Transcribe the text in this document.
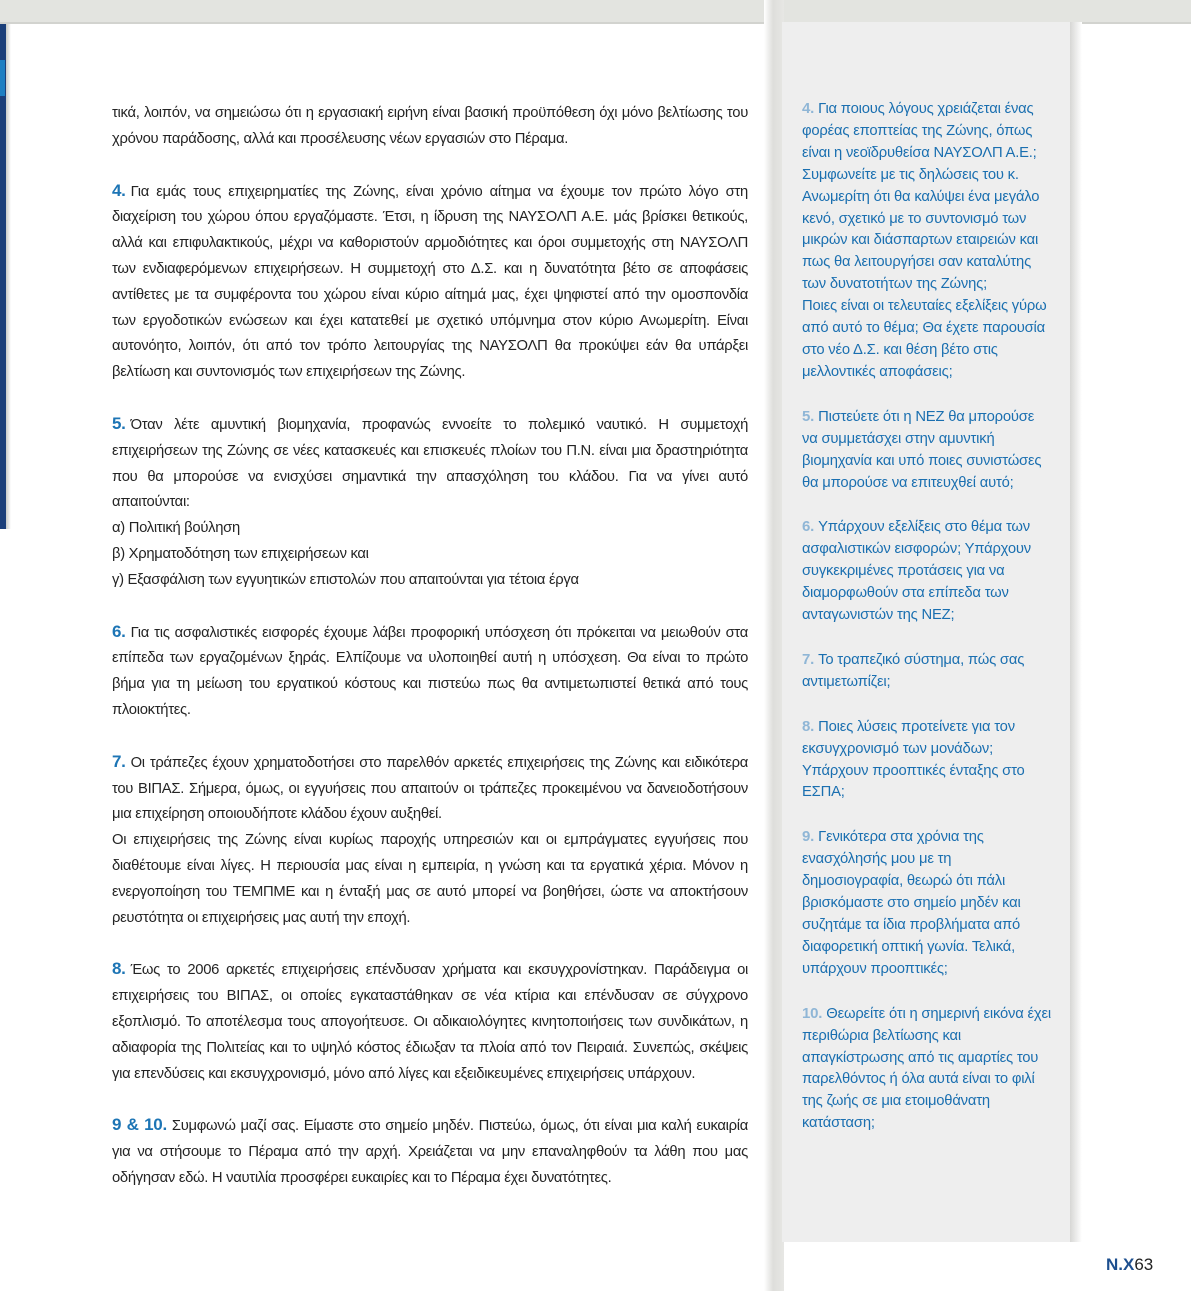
τικά, λοιπόν, να σημειώσω ότι η εργασιακή ειρήνη είναι βασική προϋπόθεση όχι μόνο βελτίωσης του χρόνου παράδοσης, αλλά και προσέλευσης νέων εργασιών στο Πέραμα.

4. Για εμάς τους επιχειρηματίες της Ζώνης, είναι χρόνιο αίτημα να έχουμε τον πρώτο λόγο στη διαχείριση του χώρου όπου εργαζόμαστε. Έτσι, η ίδρυση της ΝΑΥΣΟΛΠ Α.Ε. μάς βρίσκει θετικούς, αλλά και επιφυλακτικούς, μέχρι να καθοριστούν αρμοδιότητες και όροι συμμετοχής στη ΝΑΥΣΟΛΠ των ενδιαφερόμενων επιχειρήσεων. Η συμμετοχή στο Δ.Σ. και η δυνατότητα βέτο σε αποφάσεις αντίθετες με τα συμφέροντα του χώρου είναι κύριο αίτημά μας, έχει ψηφιστεί από την ομοσπονδία των εργοδοτικών ενώσεων και έχει κατατεθεί με σχετικό υπόμνημα στον κύριο Ανωμερίτη. Είναι αυτονόητο, λοιπόν, ότι από τον τρόπο λειτουργίας της ΝΑΥΣΟΛΠ θα προκύψει εάν θα υπάρξει βελτίωση και συντονισμός των επιχειρήσεων της Ζώνης.

5. Όταν λέτε αμυντική βιομηχανία, προφανώς εννοείτε το πολεμικό ναυτικό. Η συμμετοχή επιχειρήσεων της Ζώνης σε νέες κατασκευές και επισκευές πλοίων του Π.Ν. είναι μια δραστηριότητα που θα μπορούσε να ενισχύσει σημαντικά την απασχόληση του κλάδου. Για να γίνει αυτό απαιτούνται:

α) Πολιτική βούληση

β) Χρηματοδότηση των επιχειρήσεων και

γ) Εξασφάλιση των εγγυητικών επιστολών που απαιτούνται για τέτοια έργα

6. Για τις ασφαλιστικές εισφορές έχουμε λάβει προφορική υπόσχεση ότι πρόκειται να μειωθούν στα επίπεδα των εργαζομένων ξηράς. Ελπίζουμε να υλοποιηθεί αυτή η υπόσχεση. Θα είναι το πρώτο βήμα για τη μείωση του εργατικού κόστους και πιστεύω πως θα αντιμετωπιστεί θετικά από τους πλοιοκτήτες.

7. Οι τράπεζες έχουν χρηματοδοτήσει στο παρελθόν αρκετές επιχειρήσεις της Ζώνης και ειδικότερα του ΒΙΠΑΣ. Σήμερα, όμως, οι εγγυήσεις που απαιτούν οι τράπεζες προκειμένου να δανειοδοτήσουν μια επιχείρηση οποιουδήποτε κλάδου έχουν αυξηθεί.

Οι επιχειρήσεις της Ζώνης είναι κυρίως παροχής υπηρεσιών και οι εμπράγματες εγγυήσεις που διαθέτουμε είναι λίγες. Η περιουσία μας είναι η εμπειρία, η γνώση και τα εργατικά χέρια. Μόνον η ενεργοποίηση του ΤΕΜΠΜΕ και η ένταξή μας σε αυτό μπορεί να βοηθήσει, ώστε να αποκτήσουν ρευστότητα οι επιχειρήσεις μας αυτή την εποχή.

8. Έως το 2006 αρκετές επιχειρήσεις επένδυσαν χρήματα και εκσυγχρονίστηκαν. Παράδειγμα οι επιχειρήσεις του ΒΙΠΑΣ, οι οποίες εγκαταστάθηκαν σε νέα κτίρια και επένδυσαν σε σύγχρονο εξοπλισμό. Το αποτέλεσμα τους απογοήτευσε. Οι αδικαιολόγητες κινητοποιήσεις των συνδικάτων, η αδιαφορία της Πολιτείας και το υψηλό κόστος έδιωξαν τα πλοία από τον Πειραιά. Συνεπώς, σκέψεις για επενδύσεις και εκσυγχρονισμό, μόνο από λίγες και εξειδικευμένες επιχειρήσεις υπάρχουν.

9 & 10. Συμφωνώ μαζί σας. Είμαστε στο σημείο μηδέν. Πιστεύω, όμως, ότι είναι μια καλή ευκαιρία για να στήσουμε το Πέραμα από την αρχή. Χρειάζεται να μην επαναληφθούν τα λάθη που μας οδήγησαν εδώ. Η ναυτιλία προσφέρει ευκαιρίες και το Πέραμα έχει δυνατότητες.

4. Για ποιους λόγους χρειάζεται ένας φορέας εποπτείας της Ζώνης, όπως είναι η νεοϊδρυθείσα ΝΑΥΣΟΛΠ Α.Ε.; Συμφωνείτε με τις δηλώσεις του κ. Ανωμερίτη ότι θα καλύψει ένα μεγάλο κενό, σχετικό με το συντονισμό των μικρών και διάσπαρτων εταιρειών και πως θα λειτουργήσει σαν καταλύτης των δυνατοτήτων της Ζώνης;

Ποιες είναι οι τελευταίες εξελίξεις γύρω από αυτό το θέμα; Θα έχετε παρουσία στο νέο Δ.Σ. και θέση βέτο στις μελλοντικές αποφάσεις;

5. Πιστεύετε ότι η ΝΕΖ θα μπορούσε να συμμετάσχει στην αμυντική βιομηχανία και υπό ποιες συνιστώσες θα μπορούσε να επιτευχθεί αυτό;

6. Υπάρχουν εξελίξεις στο θέμα των ασφαλιστικών εισφορών; Υπάρχουν συγκεκριμένες προτάσεις για να διαμορφωθούν στα επίπεδα των ανταγωνιστών της ΝΕΖ;

7. Το τραπεζικό σύστημα, πώς σας αντιμετωπίζει;

8. Ποιες λύσεις προτείνετε για τον εκσυγχρονισμό των μονάδων; Υπάρχουν προοπτικές ένταξης στο ΕΣΠΑ;

9. Γενικότερα στα χρόνια της ενασχόλησής μου με τη δημοσιογραφία, θεωρώ ότι πάλι βρισκόμαστε στο σημείο μηδέν και συζητάμε τα ίδια προβλήματα από διαφορετική οπτική γωνία. Τελικά, υπάρχουν προοπτικές;

10. Θεωρείτε ότι η σημερινή εικόνα έχει περιθώρια βελτίωσης και απαγκίστρωσης από τις αμαρτίες του παρελθόντος ή όλα αυτά είναι το φιλί της ζωής σε μια ετοιμοθάνατη κατάσταση;

N.X63
